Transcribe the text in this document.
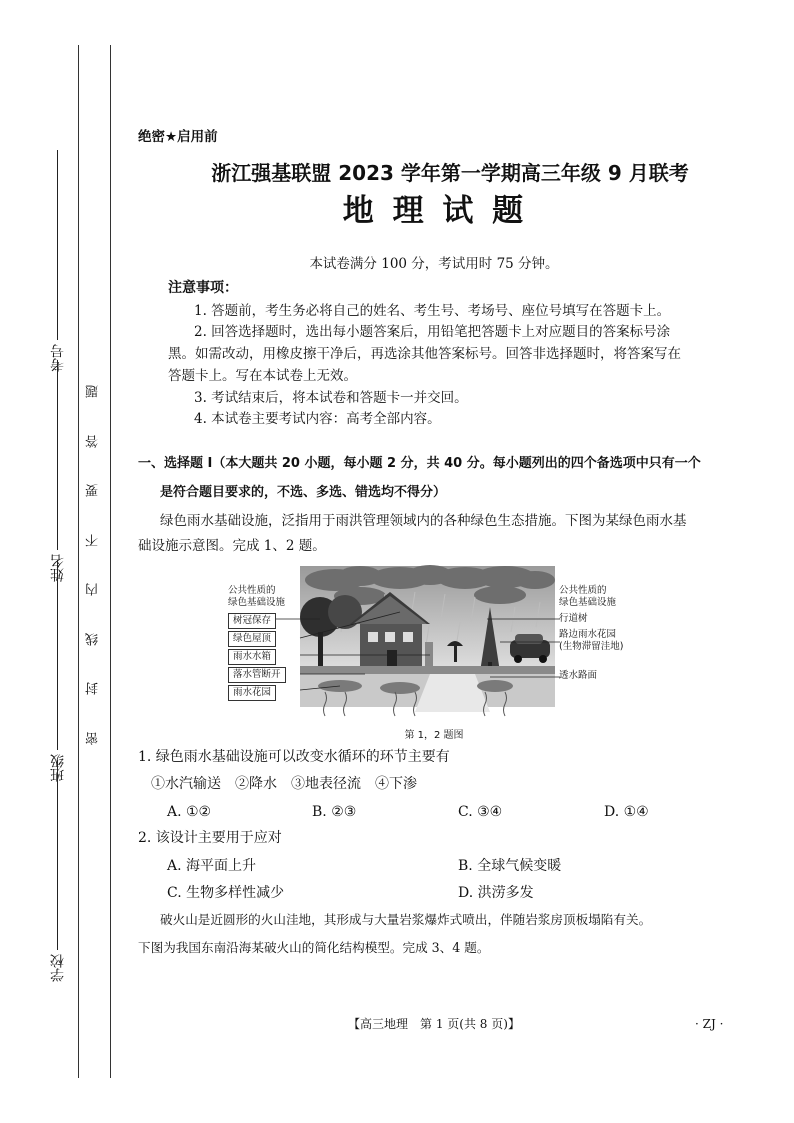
考号
姓名
班级
学校
密
封
线
内
不
要
答
题
绝密★启用前
浙江强基联盟 2023 学年第一学期高三年级 9 月联考
地 理 试 题
本试卷满分 100 分，考试用时 75 分钟。
注意事项：
1. 答题前，考生务必将自己的姓名、考生号、考场号、座位号填写在答题卡上。
2. 回答选择题时，选出每小题答案后，用铅笔把答题卡上对应题目的答案标号涂
黑。如需改动，用橡皮擦干净后，再选涂其他答案标号。回答非选择题时，将答案写在
答题卡上。写在本试卷上无效。
3. 考试结束后，将本试卷和答题卡一并交回。
4. 本试卷主要考试内容：高考全部内容。
一、选择题 Ⅰ（本大题共 20 小题，每小题 2 分，共 40 分。每小题列出的四个备选项中只有一个
是符合题目要求的，不选、多选、错选均不得分）
绿色雨水基础设施，泛指用于雨洪管理领域内的各种绿色生态措施。下图为某绿色雨水基
础设施示意图。完成 1、2 题。
公共性质的
绿色基础设施
树冠保存
绿色屋顶
雨水水箱
落水管断开
雨水花园
公共性质的
绿色基础设施
行道树
路边雨水花园
(生物滞留洼地)
透水路面
第 1，2 题图
1. 绿色雨水基础设施可以改变水循环的环节主要有
①水汽输送　②降水　③地表径流　④下渗
A. ①②	B. ②③	C. ③④	D. ①④
2. 该设计主要用于应对
A. 海平面上升	B. 全球气候变暖
C. 生物多样性减少	D. 洪涝多发
破火山是近圆形的火山洼地，其形成与大量岩浆爆炸式喷出，伴随岩浆房顶板塌陷有关。
下图为我国东南沿海某破火山的简化结构模型。完成 3、4 题。
【高三地理　第 1 页(共 8 页)】	· ZJ ·
